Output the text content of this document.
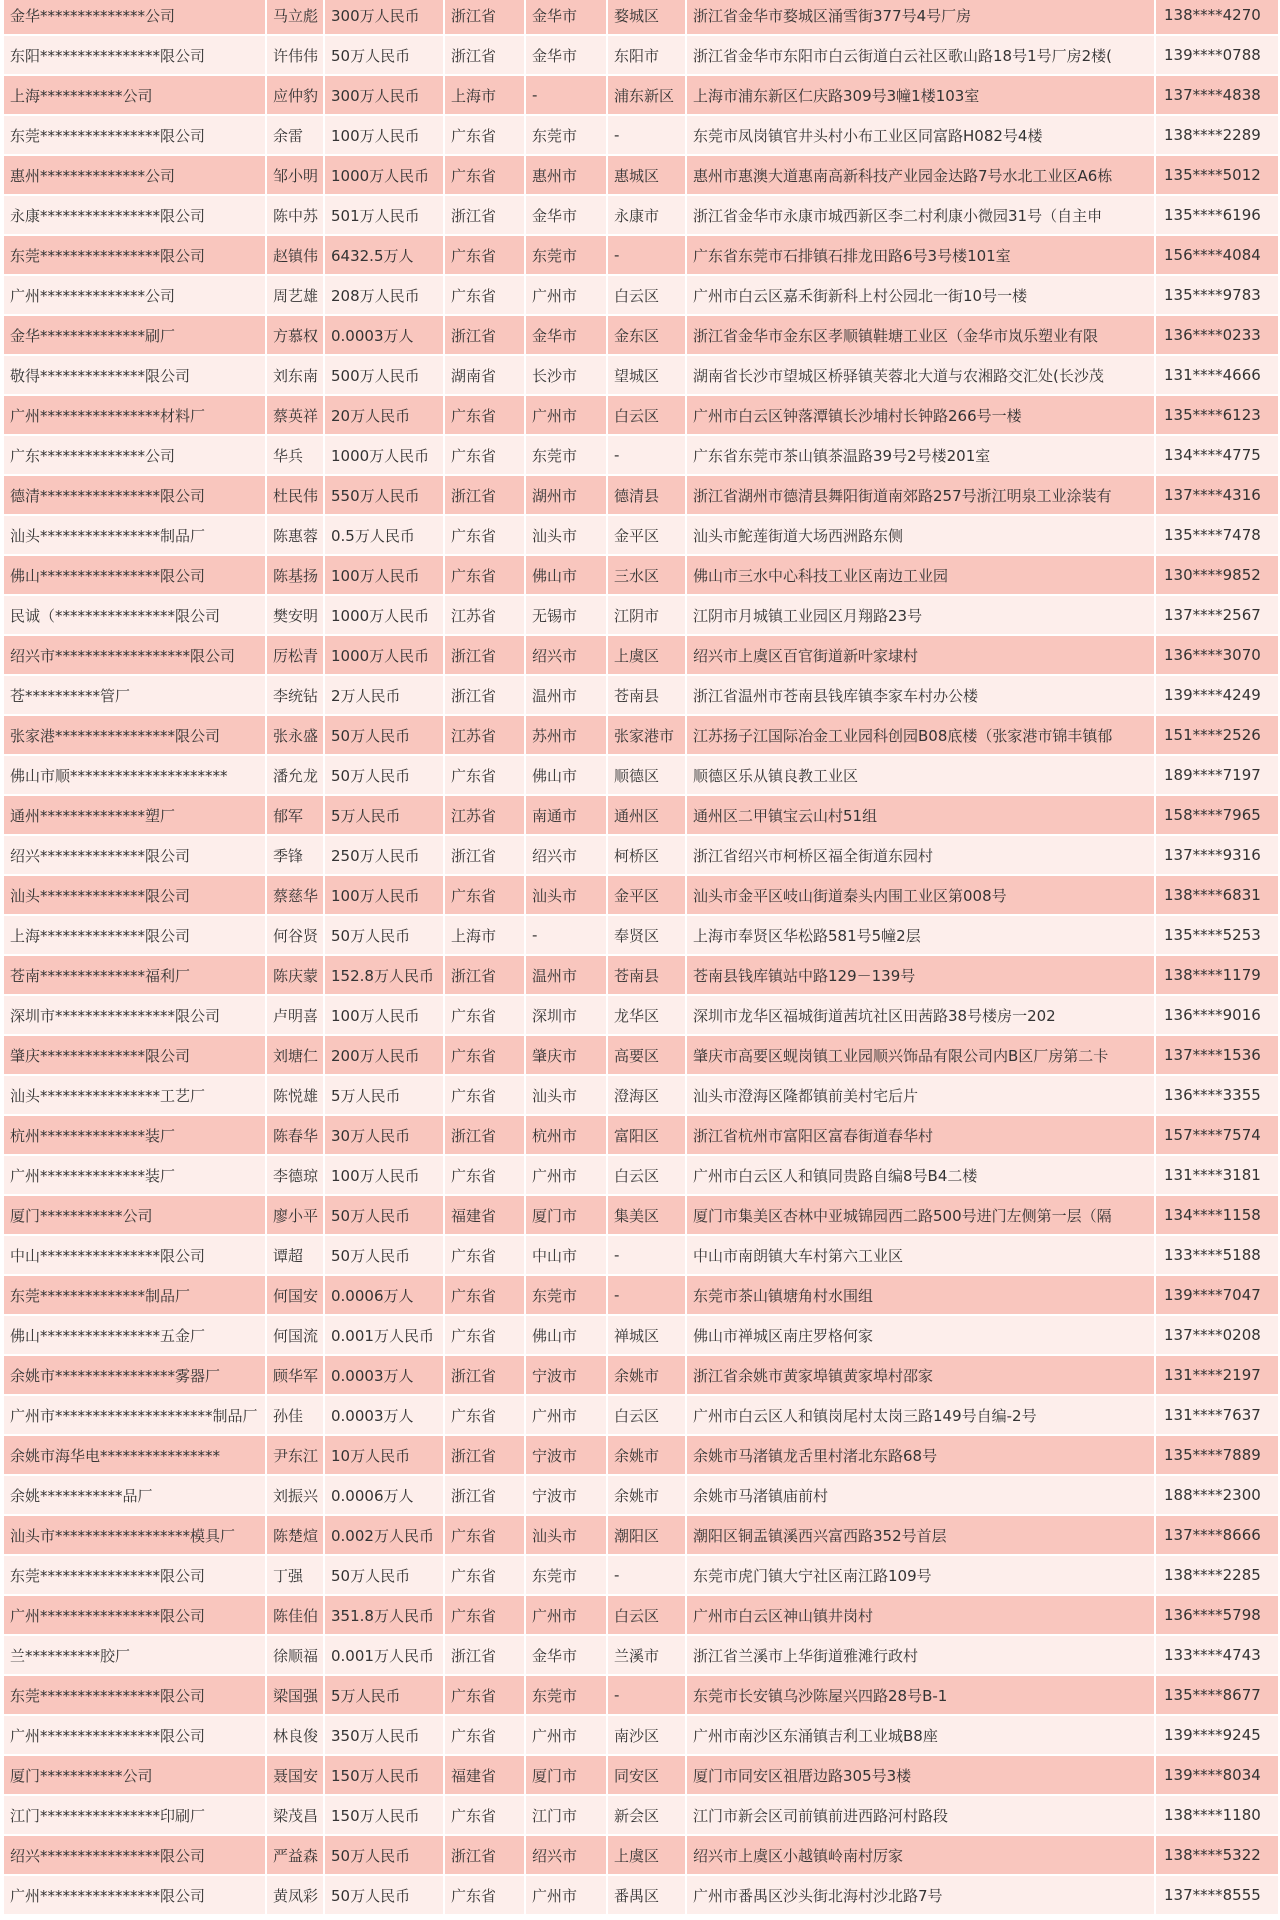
金华**************公司	马立彪	300万人民币	浙江省	金华市	婺城区	浙江省金华市婺城区涌雪街377号4号厂房	138****4270
东阳****************限公司	许伟伟	50万人民币	浙江省	金华市	东阳市	浙江省金华市东阳市白云街道白云社区歌山路18号1号厂房2楼(	139****0788
上海***********公司	应仲豹	300万人民币	上海市	-	浦东新区	上海市浦东新区仁庆路309号3幢1楼103室	137****4838
东莞****************限公司	余雷	100万人民币	广东省	东莞市	-	东莞市凤岗镇官井头村小布工业区同富路H082号4楼	138****2289
惠州**************公司	邹小明	1000万人民币	广东省	惠州市	惠城区	惠州市惠澳大道惠南高新科技产业园金达路7号水北工业区A6栋	135****5012
永康****************限公司	陈中苏	501万人民币	浙江省	金华市	永康市	浙江省金华市永康市城西新区李二村利康小微园31号（自主申	135****6196
东莞****************限公司	赵镇伟	6432.5万人	广东省	东莞市	-	广东省东莞市石排镇石排龙田路6号3号楼101室	156****4084
广州**************公司	周艺雄	208万人民币	广东省	广州市	白云区	广州市白云区嘉禾街新科上村公园北一街10号一楼	135****9783
金华**************刷厂	方慕权	0.0003万人	浙江省	金华市	金东区	浙江省金华市金东区孝顺镇鞋塘工业区（金华市岚乐塑业有限	136****0233
敬得**************限公司	刘东南	500万人民币	湖南省	长沙市	望城区	湖南省长沙市望城区桥驿镇芙蓉北大道与农湘路交汇处(长沙茂	131****4666
广州****************材料厂	蔡英祥	20万人民币	广东省	广州市	白云区	广州市白云区钟落潭镇长沙埔村长钟路266号一楼	135****6123
广东**************公司	华兵	1000万人民币	广东省	东莞市	-	广东省东莞市茶山镇茶温路39号2号楼201室	134****4775
德清****************限公司	杜民伟	550万人民币	浙江省	湖州市	德清县	浙江省湖州市德清县舞阳街道南郊路257号浙江明泉工业涂装有	137****4316
汕头****************制品厂	陈惠蓉	0.5万人民币	广东省	汕头市	金平区	汕头市鮀莲街道大场西洲路东侧	135****7478
佛山****************限公司	陈基扬	100万人民币	广东省	佛山市	三水区	佛山市三水中心科技工业区南边工业园	130****9852
民诚（****************限公司	樊安明	1000万人民币	江苏省	无锡市	江阴市	江阴市月城镇工业园区月翔路23号	137****2567
绍兴市******************限公司	厉松青	1000万人民币	浙江省	绍兴市	上虞区	绍兴市上虞区百官街道新叶家埭村	136****3070
苍**********管厂	李统钻	2万人民币	浙江省	温州市	苍南县	浙江省温州市苍南县钱库镇李家车村办公楼	139****4249
张家港****************限公司	张永盛	50万人民币	江苏省	苏州市	张家港市	江苏扬子江国际冶金工业园科创园B08底楼（张家港市锦丰镇郁	151****2526
佛山市顺*********************	潘允龙	50万人民币	广东省	佛山市	顺德区	顺德区乐从镇良教工业区	189****7197
通州**************塑厂	郁军	5万人民币	江苏省	南通市	通州区	通州区二甲镇宝云山村51组	158****7965
绍兴**************限公司	季锋	250万人民币	浙江省	绍兴市	柯桥区	浙江省绍兴市柯桥区福全街道东园村	137****9316
汕头**************限公司	蔡慈华	100万人民币	广东省	汕头市	金平区	汕头市金平区岐山街道秦头内围工业区第008号	138****6831
上海**************限公司	何谷贤	50万人民币	上海市	-	奉贤区	上海市奉贤区华松路581号5幢2层	135****5253
苍南**************福利厂	陈庆蒙	152.8万人民币	浙江省	温州市	苍南县	苍南县钱库镇站中路129－139号	138****1179
深圳市****************限公司	卢明喜	100万人民币	广东省	深圳市	龙华区	深圳市龙华区福城街道茜坑社区田茜路38号楼房一202	136****9016
肇庆**************限公司	刘塘仁	200万人民币	广东省	肇庆市	高要区	肇庆市高要区蚬岗镇工业园顺兴饰品有限公司内B区厂房第二卡	137****1536
汕头****************工艺厂	陈悦雄	5万人民币	广东省	汕头市	澄海区	汕头市澄海区隆都镇前美村宅后片	136****3355
杭州**************装厂	陈春华	30万人民币	浙江省	杭州市	富阳区	浙江省杭州市富阳区富春街道春华村	157****7574
广州**************装厂	李德琼	100万人民币	广东省	广州市	白云区	广州市白云区人和镇同贵路自编8号B4二楼	131****3181
厦门***********公司	廖小平	50万人民币	福建省	厦门市	集美区	厦门市集美区杏林中亚城锦园西二路500号进门左侧第一层（隔	134****1158
中山****************限公司	谭超	50万人民币	广东省	中山市	-	中山市南朗镇大车村第六工业区	133****5188
东莞**************制品厂	何国安	0.0006万人	广东省	东莞市	-	东莞市茶山镇塘角村水围组	139****7047
佛山****************五金厂	何国流	0.001万人民币	广东省	佛山市	禅城区	佛山市禅城区南庄罗格何家	137****0208
余姚市****************雾器厂	顾华军	0.0003万人	浙江省	宁波市	余姚市	浙江省余姚市黄家埠镇黄家埠村邵家	131****2197
广州市*********************制品厂	孙佳	0.0003万人	广东省	广州市	白云区	广州市白云区人和镇岗尾村太岗三路149号自编-2号	131****7637
余姚市海华电****************	尹东江	10万人民币	浙江省	宁波市	余姚市	余姚市马渚镇龙舌里村渚北东路68号	135****7889
余姚***********品厂	刘振兴	0.0006万人	浙江省	宁波市	余姚市	余姚市马渚镇庙前村	188****2300
汕头市******************模具厂	陈楚煊	0.002万人民币	广东省	汕头市	潮阳区	潮阳区铜盂镇溪西兴富西路352号首层	137****8666
东莞****************限公司	丁强	50万人民币	广东省	东莞市	-	东莞市虎门镇大宁社区南江路109号	138****2285
广州****************限公司	陈佳伯	351.8万人民币	广东省	广州市	白云区	广州市白云区神山镇井岗村	136****5798
兰**********胶厂	徐顺福	0.001万人民币	浙江省	金华市	兰溪市	浙江省兰溪市上华街道雅滩行政村	133****4743
东莞****************限公司	梁国强	5万人民币	广东省	东莞市	-	东莞市长安镇乌沙陈屋兴四路28号B-1	135****8677
广州****************限公司	林良俊	350万人民币	广东省	广州市	南沙区	广州市南沙区东涌镇吉利工业城B8座	139****9245
厦门***********公司	聂国安	150万人民币	福建省	厦门市	同安区	厦门市同安区祖厝边路305号3楼	139****8034
江门****************印刷厂	梁茂昌	150万人民币	广东省	江门市	新会区	江门市新会区司前镇前进西路河村路段	138****1180
绍兴****************限公司	严益森	50万人民币	浙江省	绍兴市	上虞区	绍兴市上虞区小越镇岭南村厉家	138****5322
广州****************限公司	黄凤彩	50万人民币	广东省	广州市	番禺区	广州市番禺区沙头街北海村沙北路7号	137****8555
